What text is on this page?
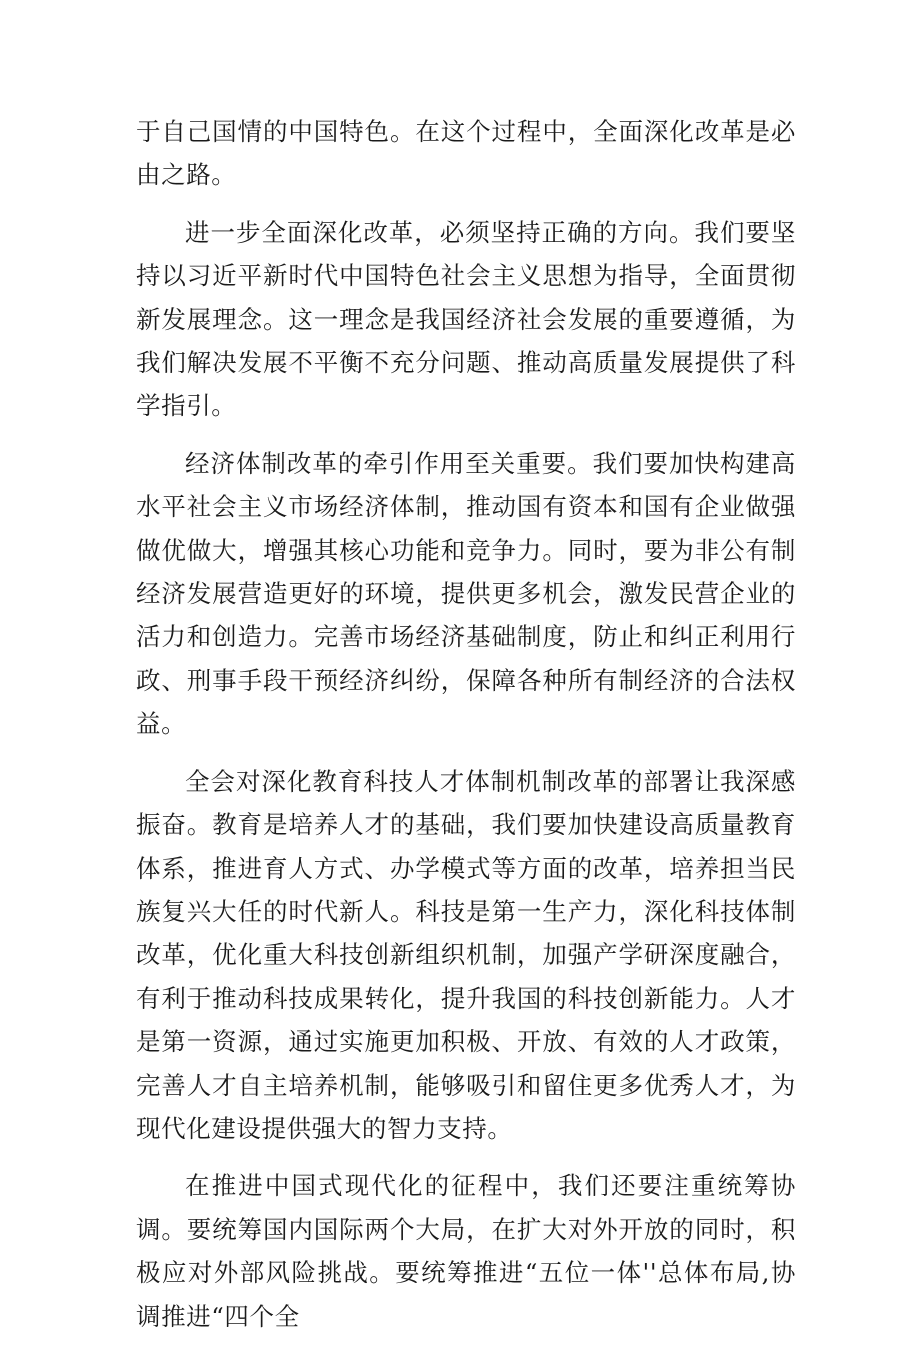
于自己国情的中国特色。在这个过程中，全面深化改革是必由之路。

进一步全面深化改革，必须坚持正确的方向。我们要坚持以习近平新时代中国特色社会主义思想为指导，全面贯彻新发展理念。这一理念是我国经济社会发展的重要遵循，为我们解决发展不平衡不充分问题、推动高质量发展提供了科学指引。

经济体制改革的牵引作用至关重要。我们要加快构建高水平社会主义市场经济体制，推动国有资本和国有企业做强做优做大，增强其核心功能和竞争力。同时，要为非公有制经济发展营造更好的环境，提供更多机会，激发民营企业的活力和创造力。完善市场经济基础制度，防止和纠正利用行政、刑事手段干预经济纠纷，保障各种所有制经济的合法权益。

全会对深化教育科技人才体制机制改革的部署让我深感振奋。教育是培养人才的基础，我们要加快建设高质量教育体系，推进育人方式、办学模式等方面的改革，培养担当民族复兴大任的时代新人。科技是第一生产力，深化科技体制改革，优化重大科技创新组织机制，加强产学研深度融合，有利于推动科技成果转化，提升我国的科技创新能力。人才是第一资源，通过实施更加积极、开放、有效的人才政策，完善人才自主培养机制，能够吸引和留住更多优秀人才，为现代化建设提供强大的智力支持。

在推进中国式现代化的征程中，我们还要注重统筹协调。要统筹国内国际两个大局，在扩大对外开放的同时，积极应对外部风险挑战。要统筹推进“五位一体''总体布局,协调推进“四个全
